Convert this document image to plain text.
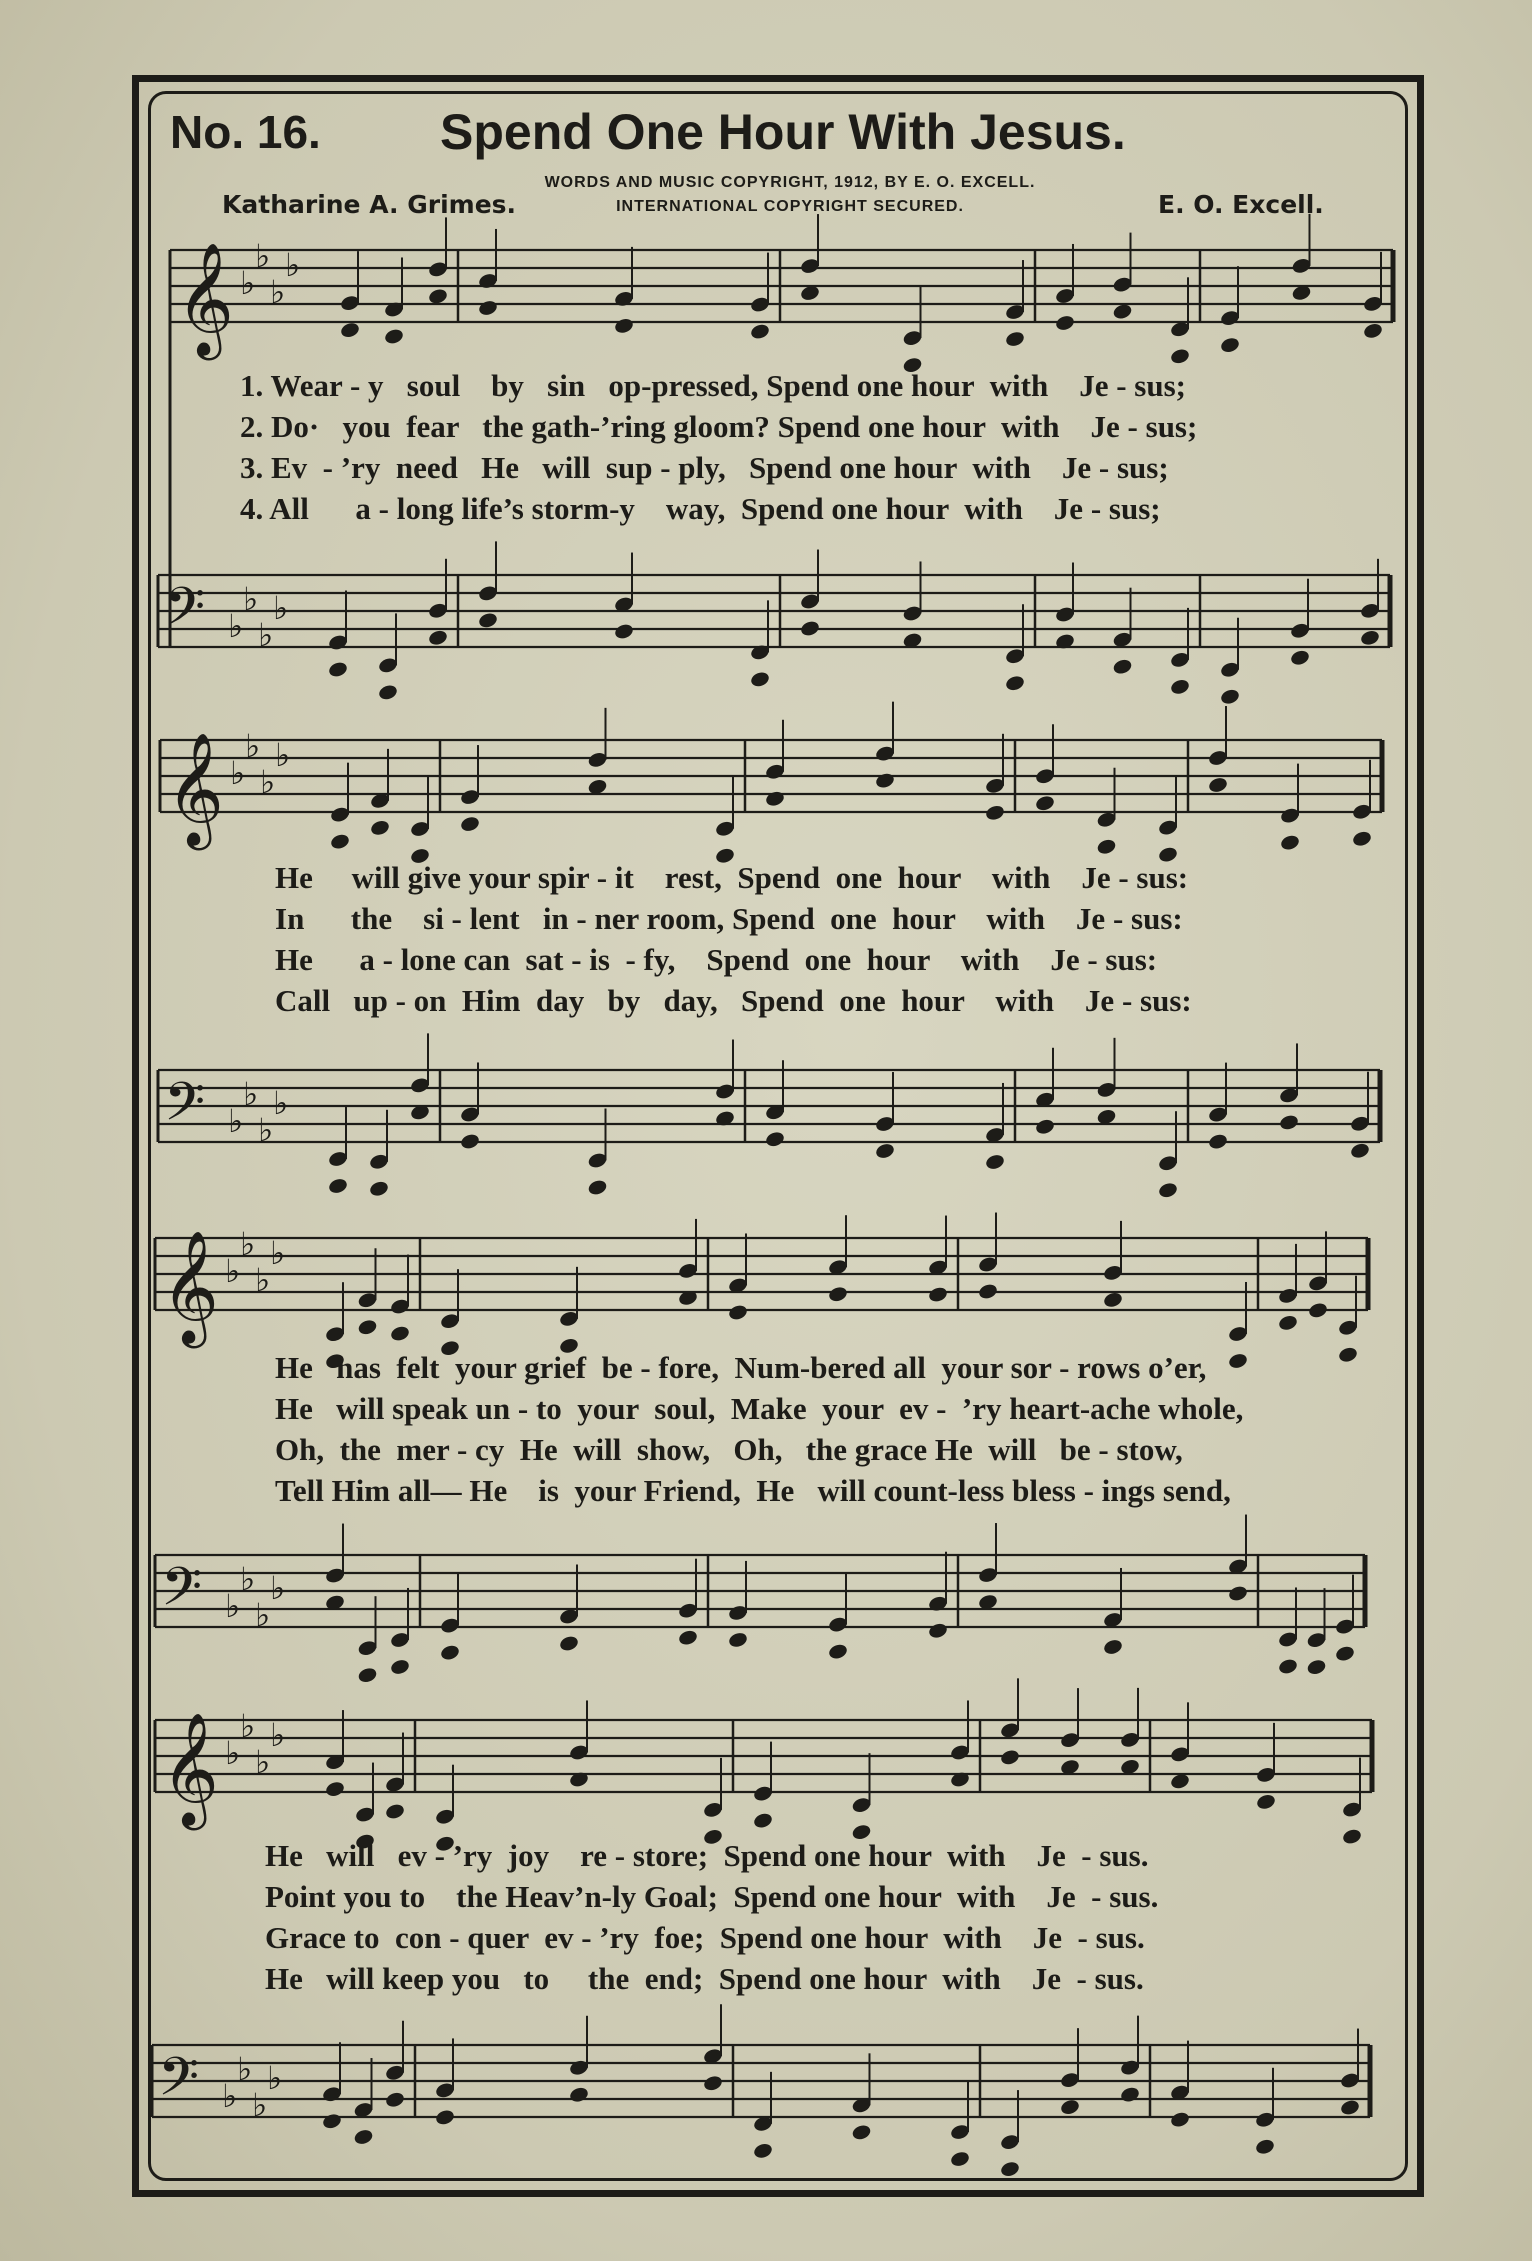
No. 16. Spend One Hour With Jesus.
WORDS AND MUSIC COPYRIGHT, 1912, BY E. O. EXCELL.
INTERNATIONAL COPYRIGHT SECURED.
Katharine A. Grimes.	E. O. Excell.
𝄞 ♭
♭
♭
♭
𝄢 ♭
♭
♭
♭
𝄞 ♭
♭
♭
♭
𝄢 ♭
♭
♭
♭
𝄞 ♭
♭
♭
♭
𝄢 ♭
♭
♭
♭
𝄞 ♭
♭
♭
♭
𝄢 ♭
♭
♭
♭
1. Wear - y   soul    by   sin   op-pressed, Spend one hour  with    Je - sus;
2. Do·   you  fear   the gath-’ring gloom? Spend one hour  with    Je - sus;
3. Ev  - ’ry  need   He   will  sup - ply,   Spend one hour  with    Je - sus;
4. All      a - long life’s storm-y    way,  Spend one hour  with    Je - sus;
He     will give your spir - it    rest,  Spend  one  hour    with    Je - sus:
In      the    si - lent   in - ner room, Spend  one  hour    with    Je - sus:
He      a - lone can  sat - is  - fy,    Spend  one  hour    with    Je - sus:
Call   up - on  Him  day   by   day,   Spend  one  hour    with    Je - sus:
He   has  felt  your grief  be - fore,  Num-bered all  your sor - rows o’er,
He   will speak un - to  your  soul,  Make  your  ev -  ’ry heart-ache whole,
Oh,  the  mer - cy  He  will  show,   Oh,   the grace He  will   be - stow,
Tell Him all— He    is  your Friend,  He   will count-less bless - ings send,
He   will   ev - ’ry  joy    re - store;  Spend one hour  with    Je  - sus.
Point you to    the Heav’n-ly Goal;  Spend one hour  with    Je  - sus.
Grace to  con - quer  ev - ’ry  foe;  Spend one hour  with    Je  - sus.
He   will keep you   to     the  end;  Spend one hour  with    Je  - sus.
